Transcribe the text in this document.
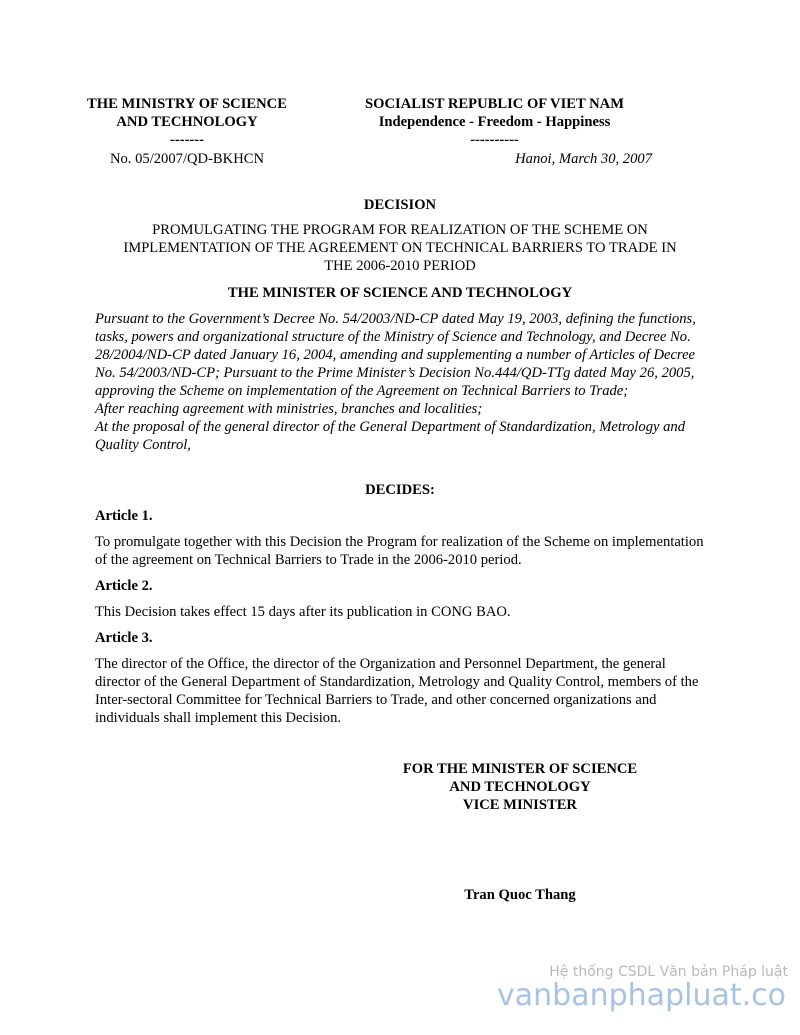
THE MINISTRY OF SCIENCE
AND TECHNOLOGY
-------
No. 05/2007/QD-BKHCN
SOCIALIST REPUBLIC OF VIET NAM
Independence - Freedom - Happiness
----------
Hanoi, March 30, 2007
DECISION
PROMULGATING THE PROGRAM FOR REALIZATION OF THE SCHEME ON
IMPLEMENTATION OF THE AGREEMENT ON TECHNICAL BARRIERS TO TRADE IN
THE 2006-2010 PERIOD
THE MINISTER OF SCIENCE AND TECHNOLOGY

Pursuant to the Government’s Decree No. 54/2003/ND-CP dated May 19, 2003, defining the functions, tasks, powers and organizational structure of the Ministry of Science and Technology, and Decree No. 28/2004/ND-CP dated January 16, 2004, amending and supplementing a number of Articles of Decree No. 54/2003/ND-CP; Pursuant to the Prime Minister’s Decision No.444/QD-TTg dated May 26, 2005, approving the Scheme on implementation of the Agreement on Technical Barriers to Trade;

After reaching agreement with ministries, branches and localities;

At the proposal of the general director of the General Department of Standardization, Metrology and Quality Control,

DECIDES:
Article 1.

To promulgate together with this Decision the Program for realization of the Scheme on implementation of the agreement on Technical Barriers to Trade in the 2006-2010 period.

Article 2.

This Decision takes effect 15 days after its publication in CONG BAO.

Article 3.

The director of the Office, the director of the Organization and Personnel Department, the general director of the General Department of Standardization, Metrology and Quality Control, members of the Inter-sectoral Committee for Technical Barriers to Trade, and other concerned organizations and individuals shall implement this Decision.

FOR THE MINISTER OF SCIENCE
AND TECHNOLOGY
VICE MINISTER
Tran Quoc Thang
Hệ thống CSDL Văn bản Pháp luật
vanbanphapluat.co
